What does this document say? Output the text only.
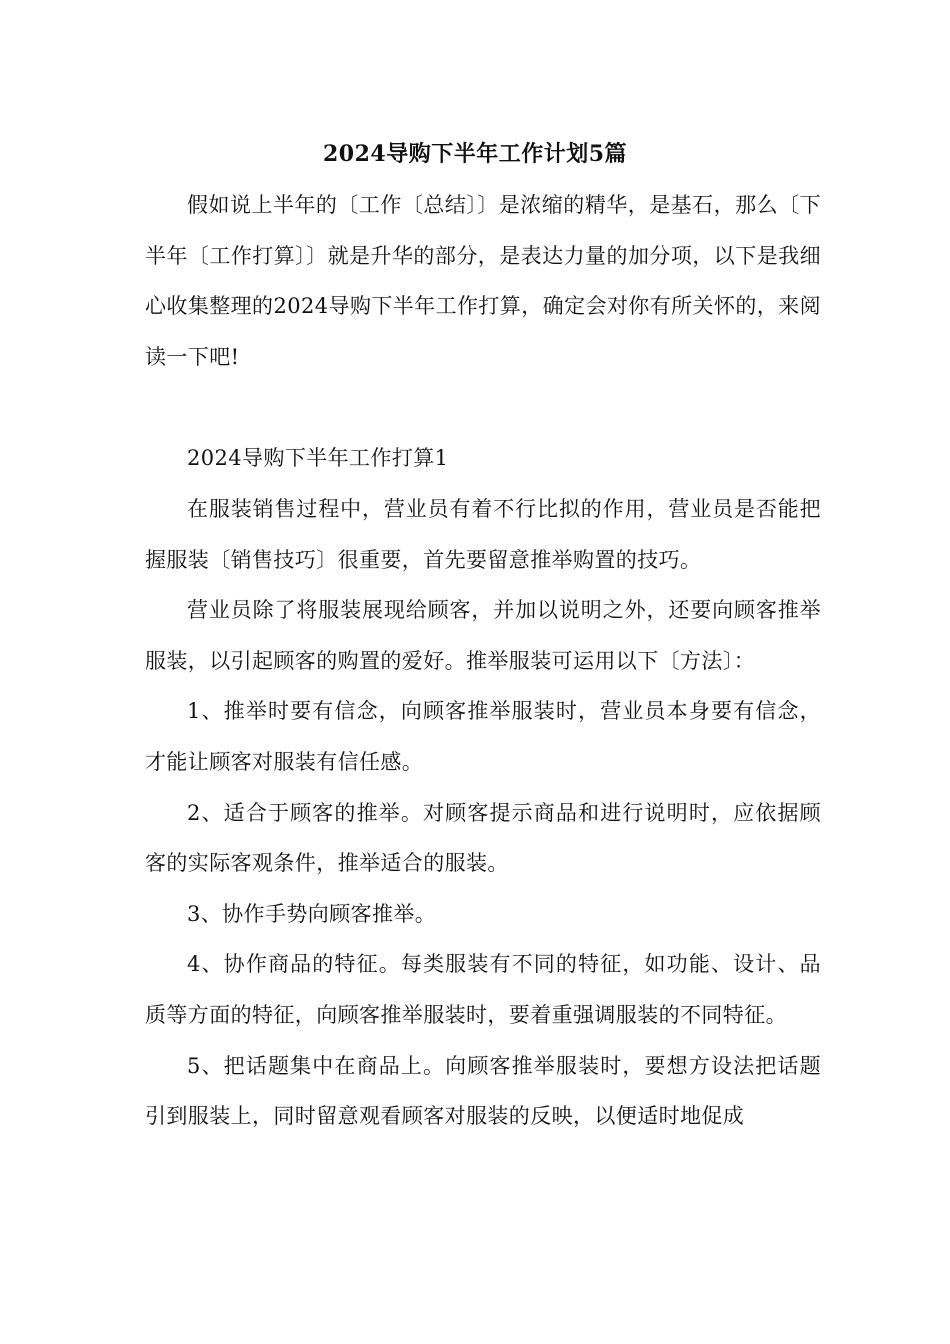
2024导购下半年工作计划5篇

假如说上半年的〔工作〔总结〕〕是浓缩的精华，是基石，那么〔下半年〔工作打算〕〕就是升华的部分，是表达力量的加分项，以下是我细心收集整理的2024导购下半年工作打算，确定会对你有所关怀的，来阅读一下吧!

2024导购下半年工作打算1

在服装销售过程中，营业员有着不行比拟的作用，营业员是否能把握服装〔销售技巧〕很重要，首先要留意推举购置的技巧。

营业员除了将服装展现给顾客，并加以说明之外，还要向顾客推举服装，以引起顾客的购置的爱好。推举服装可运用以下〔方法〕：

1、推举时要有信念，向顾客推举服装时，营业员本身要有信念，才能让顾客对服装有信任感。

2、适合于顾客的推举。对顾客提示商品和进行说明时，应依据顾客的实际客观条件，推举适合的服装。

3、协作手势向顾客推举。

4、协作商品的特征。每类服装有不同的特征，如功能、设计、品质等方面的特征，向顾客推举服装时，要着重强调服装的不同特征。

5、把话题集中在商品上。向顾客推举服装时，要想方设法把话题引到服装上，同时留意观看顾客对服装的反映，以便适时地促成
